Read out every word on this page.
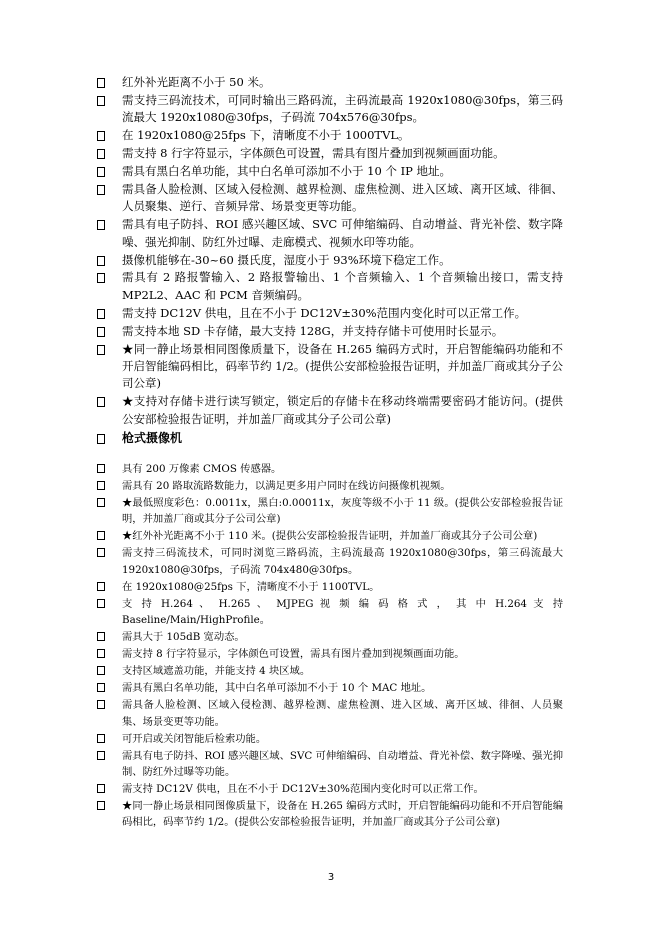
红外补光距离不小于 50 米。
需支持三码流技术，可同时输出三路码流，主码流最高 1920x1080@30fps，第三码流最大 1920x1080@30fps，子码流 704x576@30fps。
在 1920x1080@25fps 下，清晰度不小于 1000TVL。
需支持 8 行字符显示，字体颜色可设置，需具有图片叠加到视频画面功能。
需具有黑白名单功能，其中白名单可添加不小于 10 个 IP 地址。
需具备人脸检测、区域入侵检测、越界检测、虚焦检测、进入区域、离开区域、徘徊、人员聚集、逆行、音频异常、场景变更等功能。
需具有电子防抖、ROI 感兴趣区域、SVC 可伸缩编码、自动增益、背光补偿、数字降噪、强光抑制、防红外过曝、走廊模式、视频水印等功能。
摄像机能够在-30~60 摄氏度，湿度小于 93%环境下稳定工作。
需具有 2 路报警输入、2 路报警输出、1 个音频输入、1 个音频输出接口，需支持 MP2L2、AAC 和 PCM 音频编码。
需支持 DC12V 供电，且在不小于 DC12V±30%范围内变化时可以正常工作。
需支持本地 SD 卡存储，最大支持 128G，并支持存储卡可使用时长显示。
★同一静止场景相同图像质量下，设备在 H.265 编码方式时，开启智能编码功能和不开启智能编码相比，码率节约 1/2。(提供公安部检验报告证明，并加盖厂商或其分子公司公章)
★支持对存储卡进行读写锁定，锁定后的存储卡在移动终端需要密码才能访问。(提供公安部检验报告证明，并加盖厂商或其分子公司公章)
枪式摄像机
具有 200 万像素 CMOS 传感器。
需具有 20 路取流路数能力，以满足更多用户同时在线访问摄像机视频。
★最低照度彩色：0.0011x，黑白:0.00011x，灰度等级不小于 11 级。(提供公安部检验报告证明，并加盖厂商或其分子公司公章)
★红外补光距离不小于 110 米。(提供公安部检验报告证明，并加盖厂商或其分子公司公章)
需支持三码流技术，可同时浏览三路码流，主码流最高 1920x1080@30fps，第三码流最大 1920x1080@30fps，子码流 704x480@30fps。
在 1920x1080@25fps 下，清晰度不小于 1100TVL。
支 持 H.264 、 H.265 、 MJPEG 视 频 编 码 格 式 ， 其 中 H.264 支 持 Baseline/Main/HighProfile。
需具大于 105dB 宽动态。
需支持 8 行字符显示，字体颜色可设置，需具有图片叠加到视频画面功能。
支持区域遮盖功能，并能支持 4 块区域。
需具有黑白名单功能，其中白名单可添加不小于 10 个 MAC 地址。
需具备人脸检测、区域入侵检测、越界检测、虚焦检测、进入区域、离开区域、徘徊、人员聚集、场景变更等功能。
可开启或关闭智能后检索功能。
需具有电子防抖、ROI 感兴趣区域、SVC 可伸缩编码、自动增益、背光补偿、数字降噪、强光抑制、防红外过曝等功能。
需支持 DC12V 供电，且在不小于 DC12V±30%范围内变化时可以正常工作。
★同一静止场景相同图像质量下，设备在 H.265 编码方式时，开启智能编码功能和不开启智能编码相比，码率节约 1/2。(提供公安部检验报告证明，并加盖厂商或其分子公司公章)
3
